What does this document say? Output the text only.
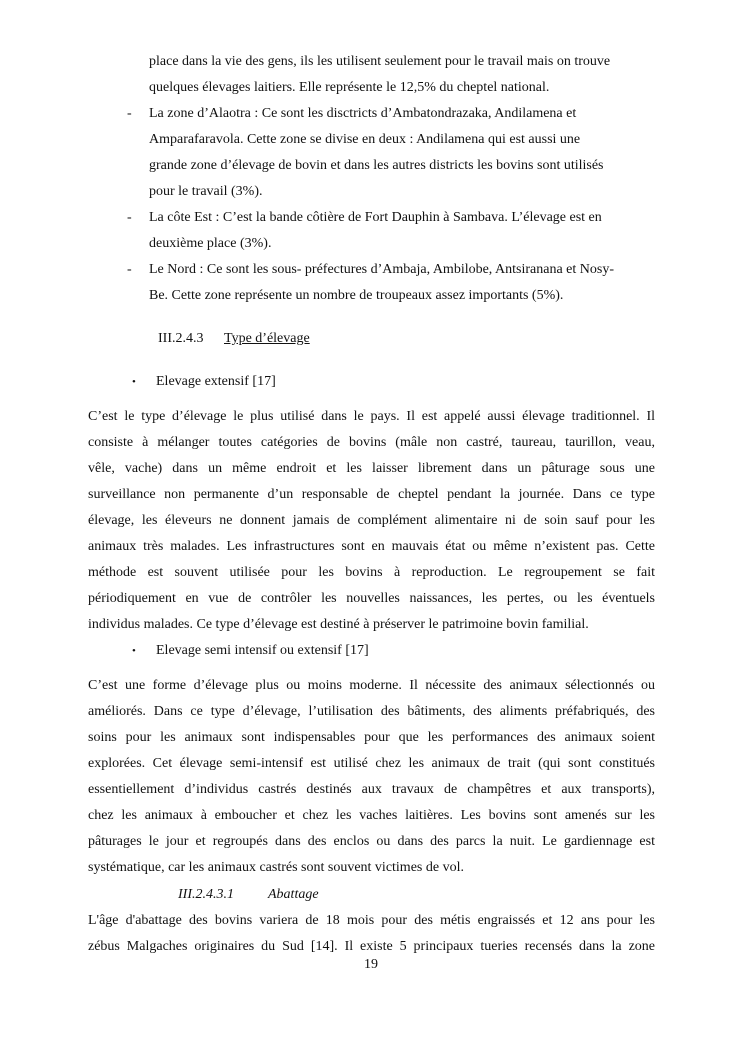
place dans la vie des gens, ils les utilisent seulement pour le travail mais on trouve
quelques élevages laitiers. Elle représente le 12,5% du cheptel national.
- La zone d’Alaotra : Ce sont les disctricts d’Ambatondrazaka, Andilamena et
Amparafaravola. Cette zone se divise en deux : Andilamena qui est aussi une
grande zone d’élevage de bovin et dans les autres districts les bovins sont utilisés
pour le travail (3%).
- La côte Est : C’est la bande côtière de Fort Dauphin à Sambava. L’élevage est en
deuxième place (3%).
- Le Nord : Ce sont les sous- préfectures d’Ambaja, Ambilobe, Antsiranana et Nosy-
Be. Cette zone représente un nombre de troupeaux assez importants (5%).
III.2.4.3 Type d’élevage
• Elevage extensif [17]
C’est le type d’élevage le plus utilisé dans le pays. Il est appelé aussi élevage traditionnel. Il
consiste à mélanger toutes catégories de bovins (mâle non castré, taureau, taurillon, veau,
vêle, vache) dans un même endroit et les laisser librement dans un pâturage sous une
surveillance non permanente d’un responsable de cheptel pendant la journée. Dans ce type
élevage, les éleveurs ne donnent jamais de complément alimentaire ni de soin sauf pour les
animaux très malades. Les infrastructures sont en mauvais état ou même n’existent pas. Cette
méthode est souvent utilisée pour les bovins à reproduction. Le regroupement se fait
périodiquement en vue de contrôler les nouvelles naissances, les pertes, ou les éventuels
individus malades. Ce type d’élevage est destiné à préserver le patrimoine bovin familial.
• Elevage semi intensif ou extensif [17]
C’est une forme d’élevage plus ou moins moderne. Il nécessite des animaux sélectionnés ou
améliorés. Dans ce type d’élevage, l’utilisation des bâtiments, des aliments préfabriqués, des
soins pour les animaux sont indispensables pour que les performances des animaux soient
explorées. Cet élevage semi-intensif est utilisé chez les animaux de trait (qui sont constitués
essentiellement d’individus castrés destinés aux travaux de champêtres et aux transports),
chez les animaux à emboucher et chez les vaches laitières. Les bovins sont amenés sur les
pâturages le jour et regroupés dans des enclos ou dans des parcs la nuit. Le gardiennage est
systématique, car les animaux castrés sont souvent victimes de vol.
III.2.4.3.1 Abattage
L'âge d'abattage des bovins variera de 18 mois pour des métis engraissés et 12 ans pour les
zébus Malgaches originaires du Sud [14]. Il existe 5 principaux tueries recensés dans la zone
19
